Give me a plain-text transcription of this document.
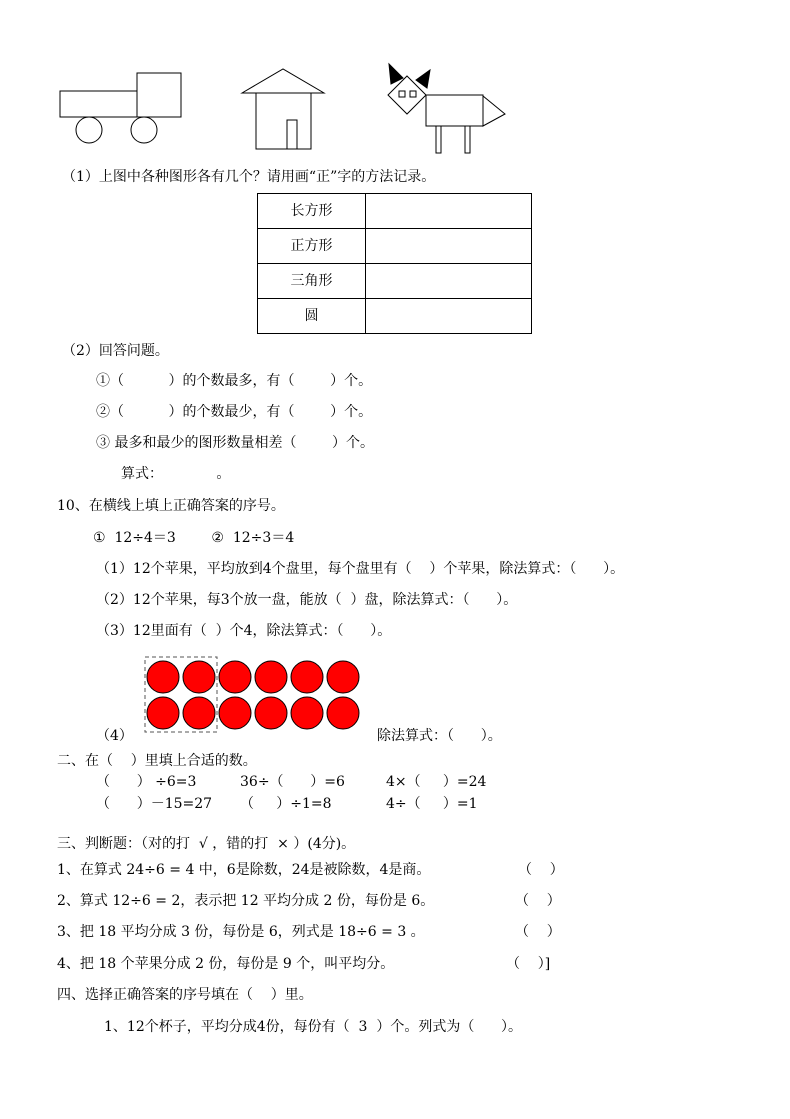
（1）上图中各种图形各有几个？请用画“正”字的方法记录。
长方形	
正方形	
三角形	
圆	
（2）回答问题。
①（          ）的个数最多，有（        ）个。
②（          ）的个数最少，有（        ）个。
③ 最多和最少的图形数量相差（        ）个。
算式：            。
10、在横线上填上正确答案的序号。
①  12÷4＝3        ②  12÷3＝4
（1）12个苹果，平均放到4个盘里，每个盘里有（    ）个苹果，除法算式：（      ）。
（2）12个苹果，每3个放一盘，能放（  ）盘，除法算式：（      ）。
（3）12里面有（  ）个4，除法算式：（      ）。
（4）	除法算式：（      ）。
二、在（    ）里填上合适的数。
（      ） ÷6=3	36÷（      ）=6	4×（     ）=24
（      ）－15=27 （     ）÷1=8	4÷（     ）=1
三、判断题：（对的打  √ ，错的打  × ）(4分)。
1、在算式 24÷6 = 4 中，6是除数，24是被除数，4是商。	（    ）
2、算式 12÷6 = 2，表示把 12 平均分成 2 份，每份是 6。	（    ）
3、把 18 平均分成 3 份，每份是 6，列式是 18÷6 = 3 。	（    ）
4、把 18 个苹果分成 2 份，每份是 9 个，叫平均分。	（    ）]
四、选择正确答案的序号填在（    ）里。
1、12个杯子，平均分成4份，每份有（  3  ）个。列式为（      ）。
